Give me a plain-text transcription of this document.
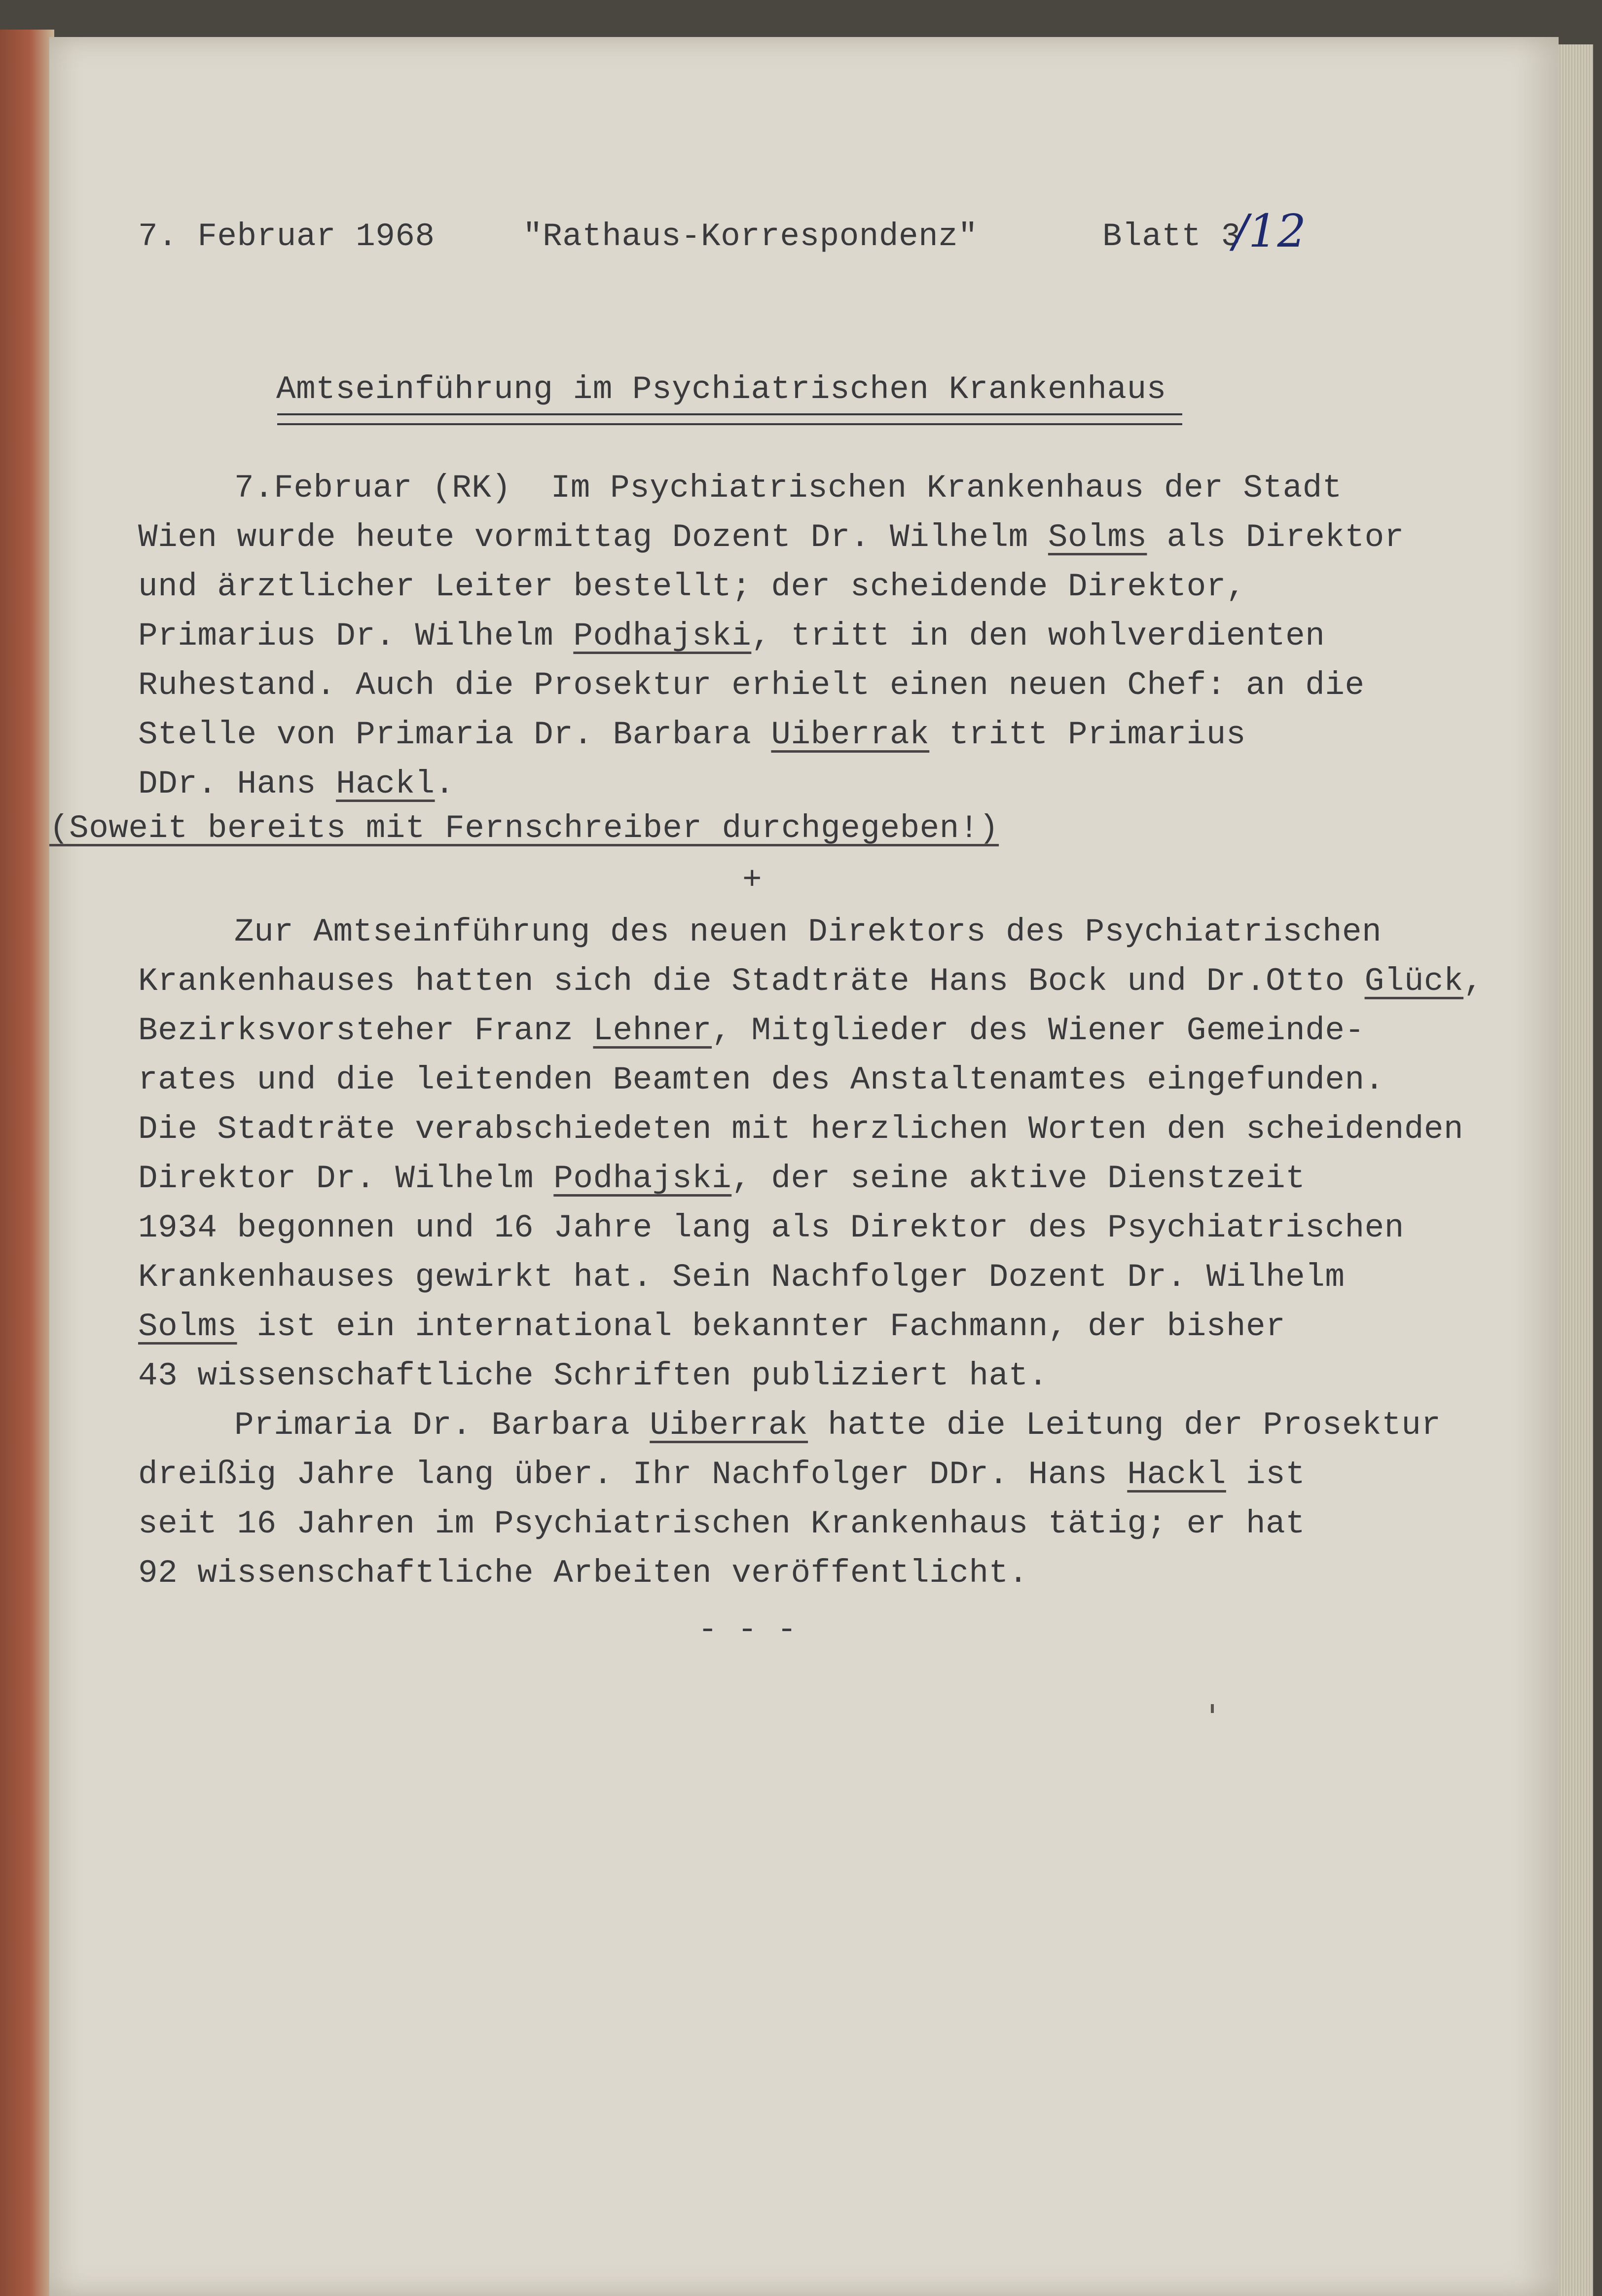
7. Februar 1968	"Rathaus-Korrespondenz"	Blatt 3
/12
Amtseinführung im Psychiatrischen Krankenhaus
7.Februar (RK)  Im Psychiatrischen Krankenhaus der Stadt
Wien wurde heute vormittag Dozent Dr. Wilhelm Solms als Direktor
und ärztlicher Leiter bestellt; der scheidende Direktor,
Primarius Dr. Wilhelm Podhajski, tritt in den wohlverdienten
Ruhestand. Auch die Prosektur erhielt einen neuen Chef: an die
Stelle von Primaria Dr. Barbara Uiberrak tritt Primarius
DDr. Hans Hackl.
(Soweit bereits mit Fernschreiber durchgegeben!)
+
Zur Amtseinführung des neuen Direktors des Psychiatrischen
Krankenhauses hatten sich die Stadträte Hans Bock und Dr.Otto Glück,
Bezirksvorsteher Franz Lehner, Mitglieder des Wiener Gemeinde-
rates und die leitenden Beamten des Anstaltenamtes eingefunden.
Die Stadträte verabschiedeten mit herzlichen Worten den scheidenden
Direktor Dr. Wilhelm Podhajski, der seine aktive Dienstzeit
1934 begonnen und 16 Jahre lang als Direktor des Psychiatrischen
Krankenhauses gewirkt hat. Sein Nachfolger Dozent Dr. Wilhelm
Solms ist ein international bekannter Fachmann, der bisher
43 wissenschaftliche Schriften publiziert hat.
Primaria Dr. Barbara Uiberrak hatte die Leitung der Prosektur
dreißig Jahre lang über. Ihr Nachfolger DDr. Hans Hackl ist
seit 16 Jahren im Psychiatrischen Krankenhaus tätig; er hat
92 wissenschaftliche Arbeiten veröffentlicht.
- - -
